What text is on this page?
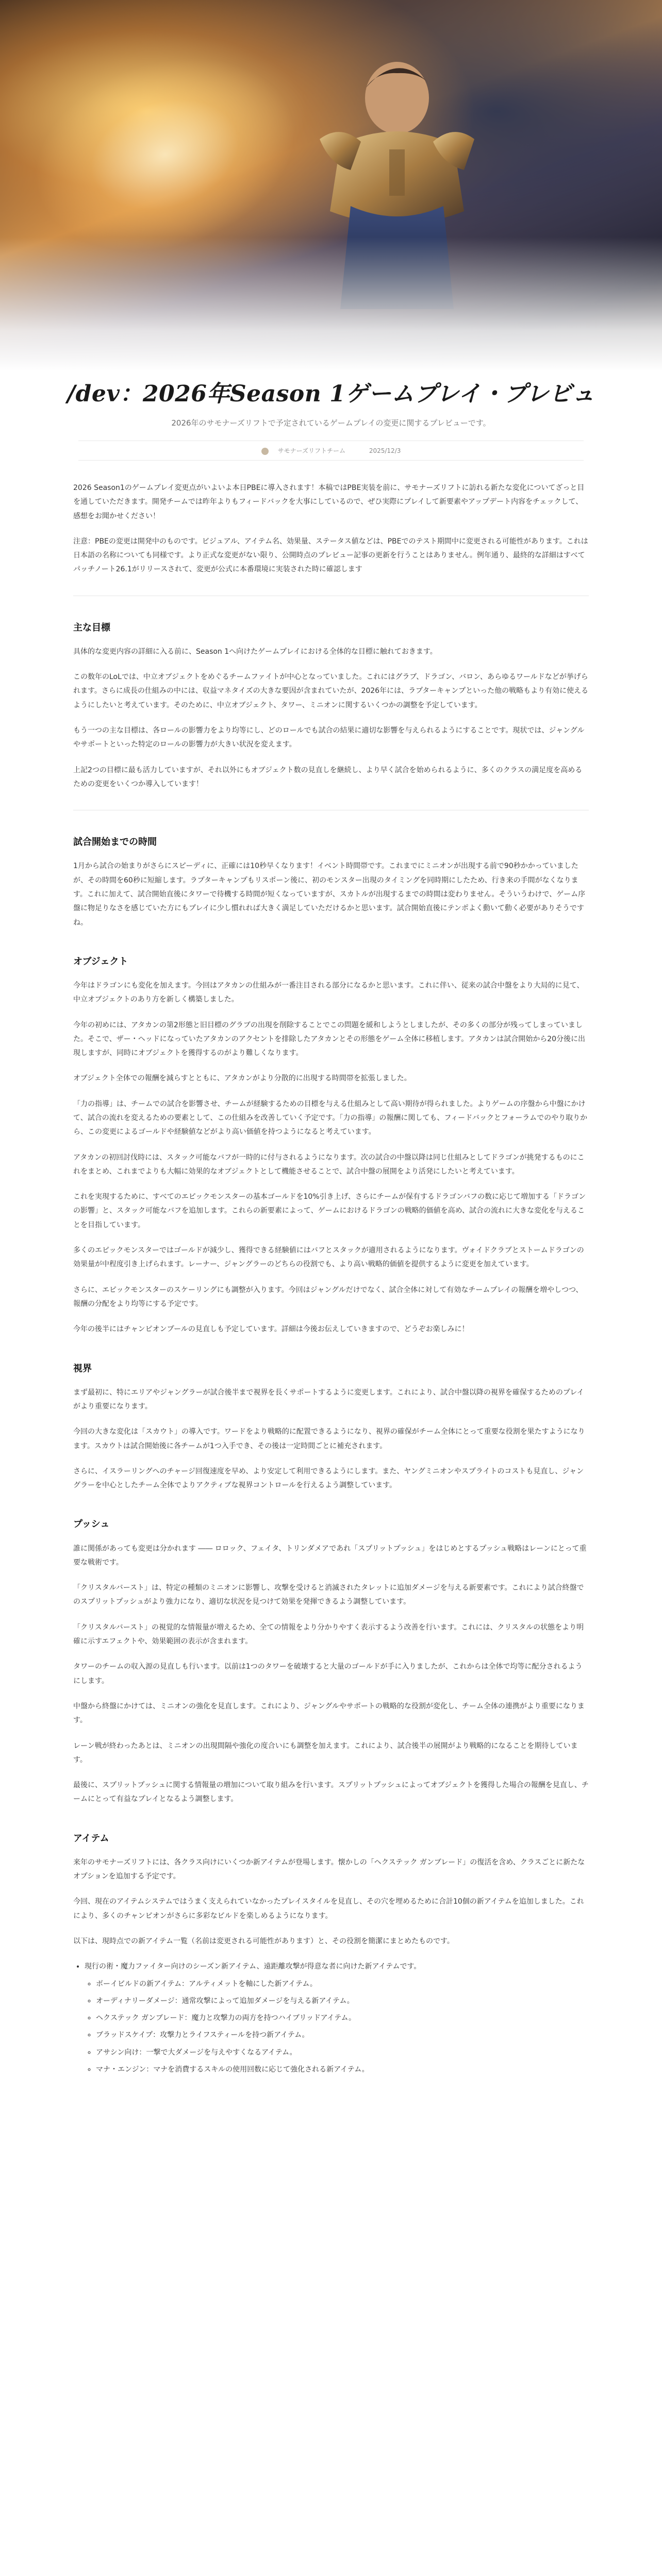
/dev：2026年Season 1ゲームプレイ・プレビュ
2026年のサモナーズリフトで予定されているゲームプレイの変更に関するプレビューです。
サモナーズリフトチーム	2025/12/3

2026 Season1のゲームプレイ変更点がいよいよ本日PBEに導入されます！本稿ではPBE実装を前に、サモナーズリフトに訪れる新たな変化についてざっと目を通していただきます。開発チームでは昨年よりもフィードバックを大事にしているので、ぜひ実際にプレイして新要素やアップデート内容をチェックして、感想をお聞かせください！

注意：PBEの変更は開発中のものです。ビジュアル、アイテム名、効果量、ステータス値などは、PBEでのテスト期間中に変更される可能性があります。これは日本語の名称についても同様です。より正式な変更がない限り、公開時点のプレビュー記事の更新を行うことはありません。例年通り、最終的な詳細はすべてパッチノート26.1がリリースされて、変更が公式に本番環境に実装された時に確認します

主な目標

具体的な変更内容の詳細に入る前に、Season 1へ向けたゲームプレイにおける全体的な目標に触れておきます。

この数年のLoLでは、中立オブジェクトをめぐるチームファイトが中心となっていました。これにはグラブ、ドラゴン、バロン、あらゆるワールドなどが挙げられます。さらに成長の仕組みの中には、収益マネタイズの大きな要因が含まれていたが、2026年には、ラプターキャンプといった他の戦略もより有効に使えるようにしたいと考えています。そのために、中立オブジェクト、タワー、ミニオンに関するいくつかの調整を予定しています。

もう一つの主な目標は、各ロールの影響力をより均等にし、どのロールでも試合の結果に適切な影響を与えられるようにすることです。現状では、ジャングルやサポートといった特定のロールの影響力が大きい状況を変えます。

上記2つの目標に最も活力していますが、それ以外にもオブジェクト数の見直しを継続し、より早く試合を始められるように、多くのクラスの満足度を高めるための変更をいくつか導入しています！

試合開始までの時間

1月から試合の始まりがさらにスピーディに、正確には10秒早くなります！イベント時間帯です。これまでにミニオンが出現する前で90秒かかっていましたが、その時間を60秒に短縮します。ラプターキャンプもリスポーン後に、初のモンスター出現のタイミングを同時期にしたため、行き来の手間がなくなります。これに加えて、試合開始直後にタワーで待機する時間が短くなっていますが、スカトルが出現するまでの時間は変わりません。そういうわけで、ゲーム序盤に物足りなさを感じていた方にもプレイに少し慣れれば大きく満足していただけるかと思います。試合開始直後にテンポよく動いて動く必要がありそうですね。

オブジェクト

今年はドラゴンにも変化を加えます。今回はアタカンの仕組みが一番注目される部分になるかと思います。これに伴い、従来の試合中盤をより大局的に見て、中立オブジェクトのあり方を新しく構築しました。

今年の初めには、アタカンの第2形態と旧目標のグラブの出現を削除することでこの問題を緩和しようとしましたが、その多くの部分が残ってしまっていました。そこで、ザー・ヘッドになっていたアタカンのアクセントを排除したアタカンとその形態をゲーム全体に移植します。アタカンは試合開始から20分後に出現しますが、同時にオブジェクトを獲得するのがより難しくなります。

オブジェクト全体での報酬を減らすとともに、アタカンがより分散的に出現する時間帯を拡張しました。

「力の指導」は、チームでの試合を影響させ、チームが経験するための目標を与える仕組みとして高い期待が得られました。よりゲームの序盤から中盤にかけて、試合の流れを変えるための要素として、この仕組みを改善していく予定です。「力の指導」の報酬に関しても、フィードバックとフォーラムでのやり取りから、この変更によるゴールドや経験値などがより高い価値を持つようになると考えています。

アタカンの初回討伐時には、スタック可能なバフが一時的に付与されるようになります。次の試合の中盤以降は同じ仕組みとしてドラゴンが挑発するものにこれをまとめ、これまでよりも大幅に効果的なオブジェクトとして機能させることで、試合中盤の展開をより活発にしたいと考えています。

これを実現するために、すべてのエピックモンスターの基本ゴールドを10%引き上げ、さらにチームが保有するドラゴンバフの数に応じて増加する「ドラゴンの影響」と、スタック可能なバフを追加します。これらの新要素によって、ゲームにおけるドラゴンの戦略的価値を高め、試合の流れに大きな変化を与えることを目指しています。

多くのエピックモンスターではゴールドが減少し、獲得できる経験値にはバフとスタックが適用されるようになります。ヴォイドクラブとストームドラゴンの効果量が中程度引き上げられます。レーナー、ジャングラーのどちらの役割でも、より高い戦略的価値を提供するように変更を加えています。

さらに、エピックモンスターのスケーリングにも調整が入ります。今回はジャングルだけでなく、試合全体に対して有効なチームプレイの報酬を増やしつつ、報酬の分配をより均等にする予定です。

今年の後半にはチャンピオンプールの見直しも予定しています。詳細は今後お伝えしていきますので、どうぞお楽しみに！

視界

まず最初に、特にエリアやジャングラーが試合後半まで視界を長くサポートするように変更します。これにより、試合中盤以降の視界を確保するためのプレイがより重要になります。

今回の大きな変化は「スカウト」の導入です。ワードをより戦略的に配置できるようになり、視界の確保がチーム全体にとって重要な役割を果たすようになります。スカウトは試合開始後に各チームが1つ入手でき、その後は一定時間ごとに補充されます。

さらに、イスラーリングへのチャージ回復速度を早め、より安定して利用できるようにします。また、ヤングミニオンやスプライトのコストも見直し、ジャングラーを中心としたチーム全体でよりアクティブな視界コントロールを行えるよう調整しています。

プッシュ

誰に関係があっても変更は分かれます ―― ロロック、フェイタ、トリンダメアであれ「スプリットプッシュ」をはじめとするプッシュ戦略はレーンにとって重要な戦術です。

「クリスタルバースト」は、特定の種類のミニオンに影響し、攻撃を受けると消滅されたタレットに追加ダメージを与える新要素です。これにより試合終盤でのスプリットプッシュがより強力になり、適切な状況を見つけて効果を発揮できるよう調整しています。

「クリスタルバースト」の視覚的な情報量が増えるため、全ての情報をより分かりやすく表示するよう改善を行います。これには、クリスタルの状態をより明確に示すエフェクトや、効果範囲の表示が含まれます。

タワーのチームの収入源の見直しも行います。以前は1つのタワーを破壊すると大量のゴールドが手に入りましたが、これからは全体で均等に配分されるようにします。

中盤から終盤にかけては、ミニオンの強化を見直します。これにより、ジャングルやサポートの戦略的な役割が変化し、チーム全体の連携がより重要になります。

レーン戦が終わったあとは、ミニオンの出現間隔や強化の度合いにも調整を加えます。これにより、試合後半の展開がより戦略的になることを期待しています。

最後に、スプリットプッシュに関する情報量の増加について取り組みを行います。スプリットプッシュによってオブジェクトを獲得した場合の報酬を見直し、チームにとって有益なプレイとなるよう調整します。

アイテム

来年のサモナーズリフトには、各クラス向けにいくつか新アイテムが登場します。懐かしの「ヘクステック ガンブレード」の復活を含め、クラスごとに新たなオプションを追加する予定です。

今回、現在のアイテムシステムではうまく支えられていなかったプレイスタイルを見直し、その穴を埋めるために合計10個の新アイテムを追加しました。これにより、多くのチャンピオンがさらに多彩なビルドを楽しめるようになります。

以下は、現時点での新アイテム一覧（名前は変更される可能性があります）と、その役割を簡潔にまとめたものです。

• 現行の術・魔力ファイター向けのシーズン新アイテム、遠距離攻撃が得意な者に向けた新アイテムです。
◦ ボーイビルドの新アイテム：アルティメットを軸にした新アイテム。
◦ オーディナリーダメージ：通常攻撃によって追加ダメージを与える新アイテム。
◦ ヘクステック ガンブレード：魔力と攻撃力の両方を持つハイブリッドアイテム。
◦ ブラッドスケイプ：攻撃力とライフスティールを持つ新アイテム。
◦ アサシン向け：一撃で大ダメージを与えやすくなるアイテム。
◦ マナ・エンジン：マナを消費するスキルの使用回数に応じて強化される新アイテム。
